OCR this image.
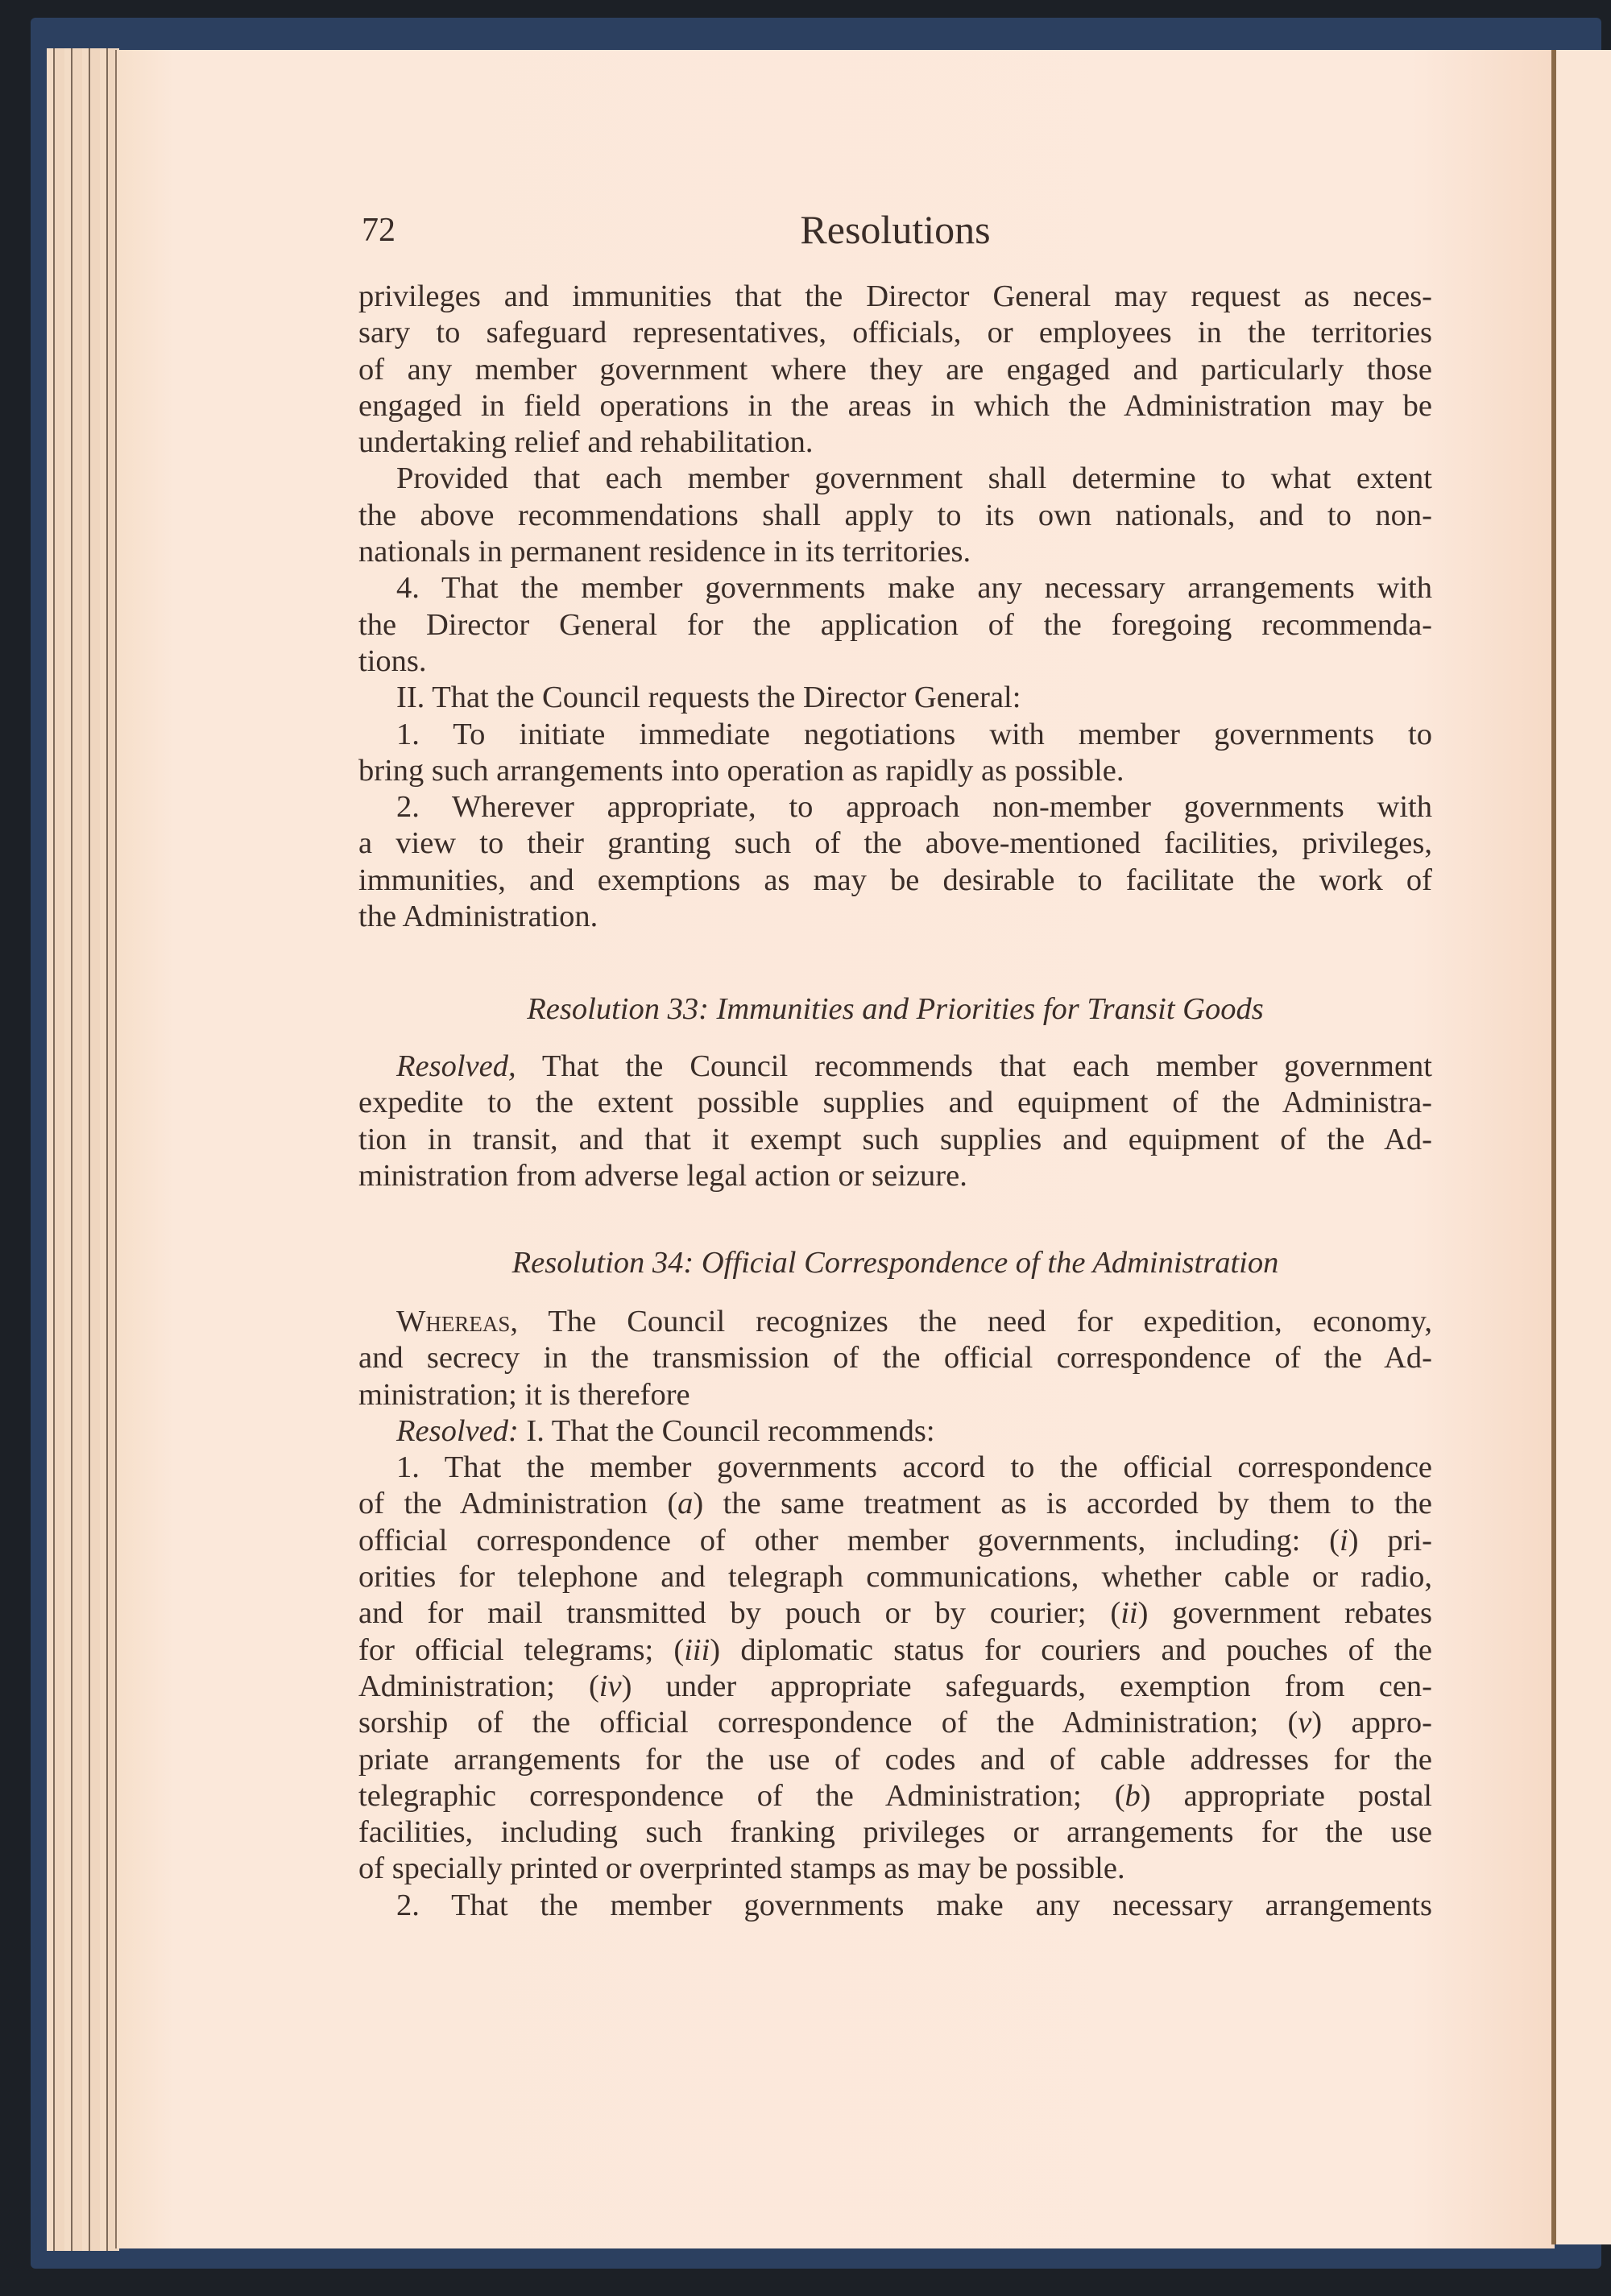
72	Resolutions
privileges and immunities that the Director General may request as neces-
sary to safeguard representatives, officials, or employees in the territories
of any member government where they are engaged and particularly those
engaged in field operations in the areas in which the Administration may be
undertaking relief and rehabilitation.
Provided that each member government shall determine to what extent
the above recommendations shall apply to its own nationals, and to non-
nationals in permanent residence in its territories.
4. That the member governments make any necessary arrangements with
the Director General for the application of the foregoing recommenda-
tions.
II. That the Council requests the Director General:
1. To initiate immediate negotiations with member governments to
bring such arrangements into operation as rapidly as possible.
2. Wherever appropriate, to approach non-member governments with
a view to their granting such of the above-mentioned facilities, privileges,
immunities, and exemptions as may be desirable to facilitate the work of
the Administration.
Resolution 33: Immunities and Priorities for Transit Goods
Resolved, That the Council recommends that each member government
expedite to the extent possible supplies and equipment of the Administra-
tion in transit, and that it exempt such supplies and equipment of the Ad-
ministration from adverse legal action or seizure.
Resolution 34: Official Correspondence of the Administration
Whereas, The Council recognizes the need for expedition, economy,
and secrecy in the transmission of the official correspondence of the Ad-
ministration; it is therefore
Resolved: I. That the Council recommends:
1. That the member governments accord to the official correspondence
of the Administration (a) the same treatment as is accorded by them to the
official correspondence of other member governments, including: (i) pri-
orities for telephone and telegraph communications, whether cable or radio,
and for mail transmitted by pouch or by courier; (ii) government rebates
for official telegrams; (iii) diplomatic status for couriers and pouches of the
Administration; (iv) under appropriate safeguards, exemption from cen-
sorship of the official correspondence of the Administration; (v) appro-
priate arrangements for the use of codes and of cable addresses for the
telegraphic correspondence of the Administration; (b) appropriate postal
facilities, including such franking privileges or arrangements for the use
of specially printed or overprinted stamps as may be possible.
2. That the member governments make any necessary arrangements
